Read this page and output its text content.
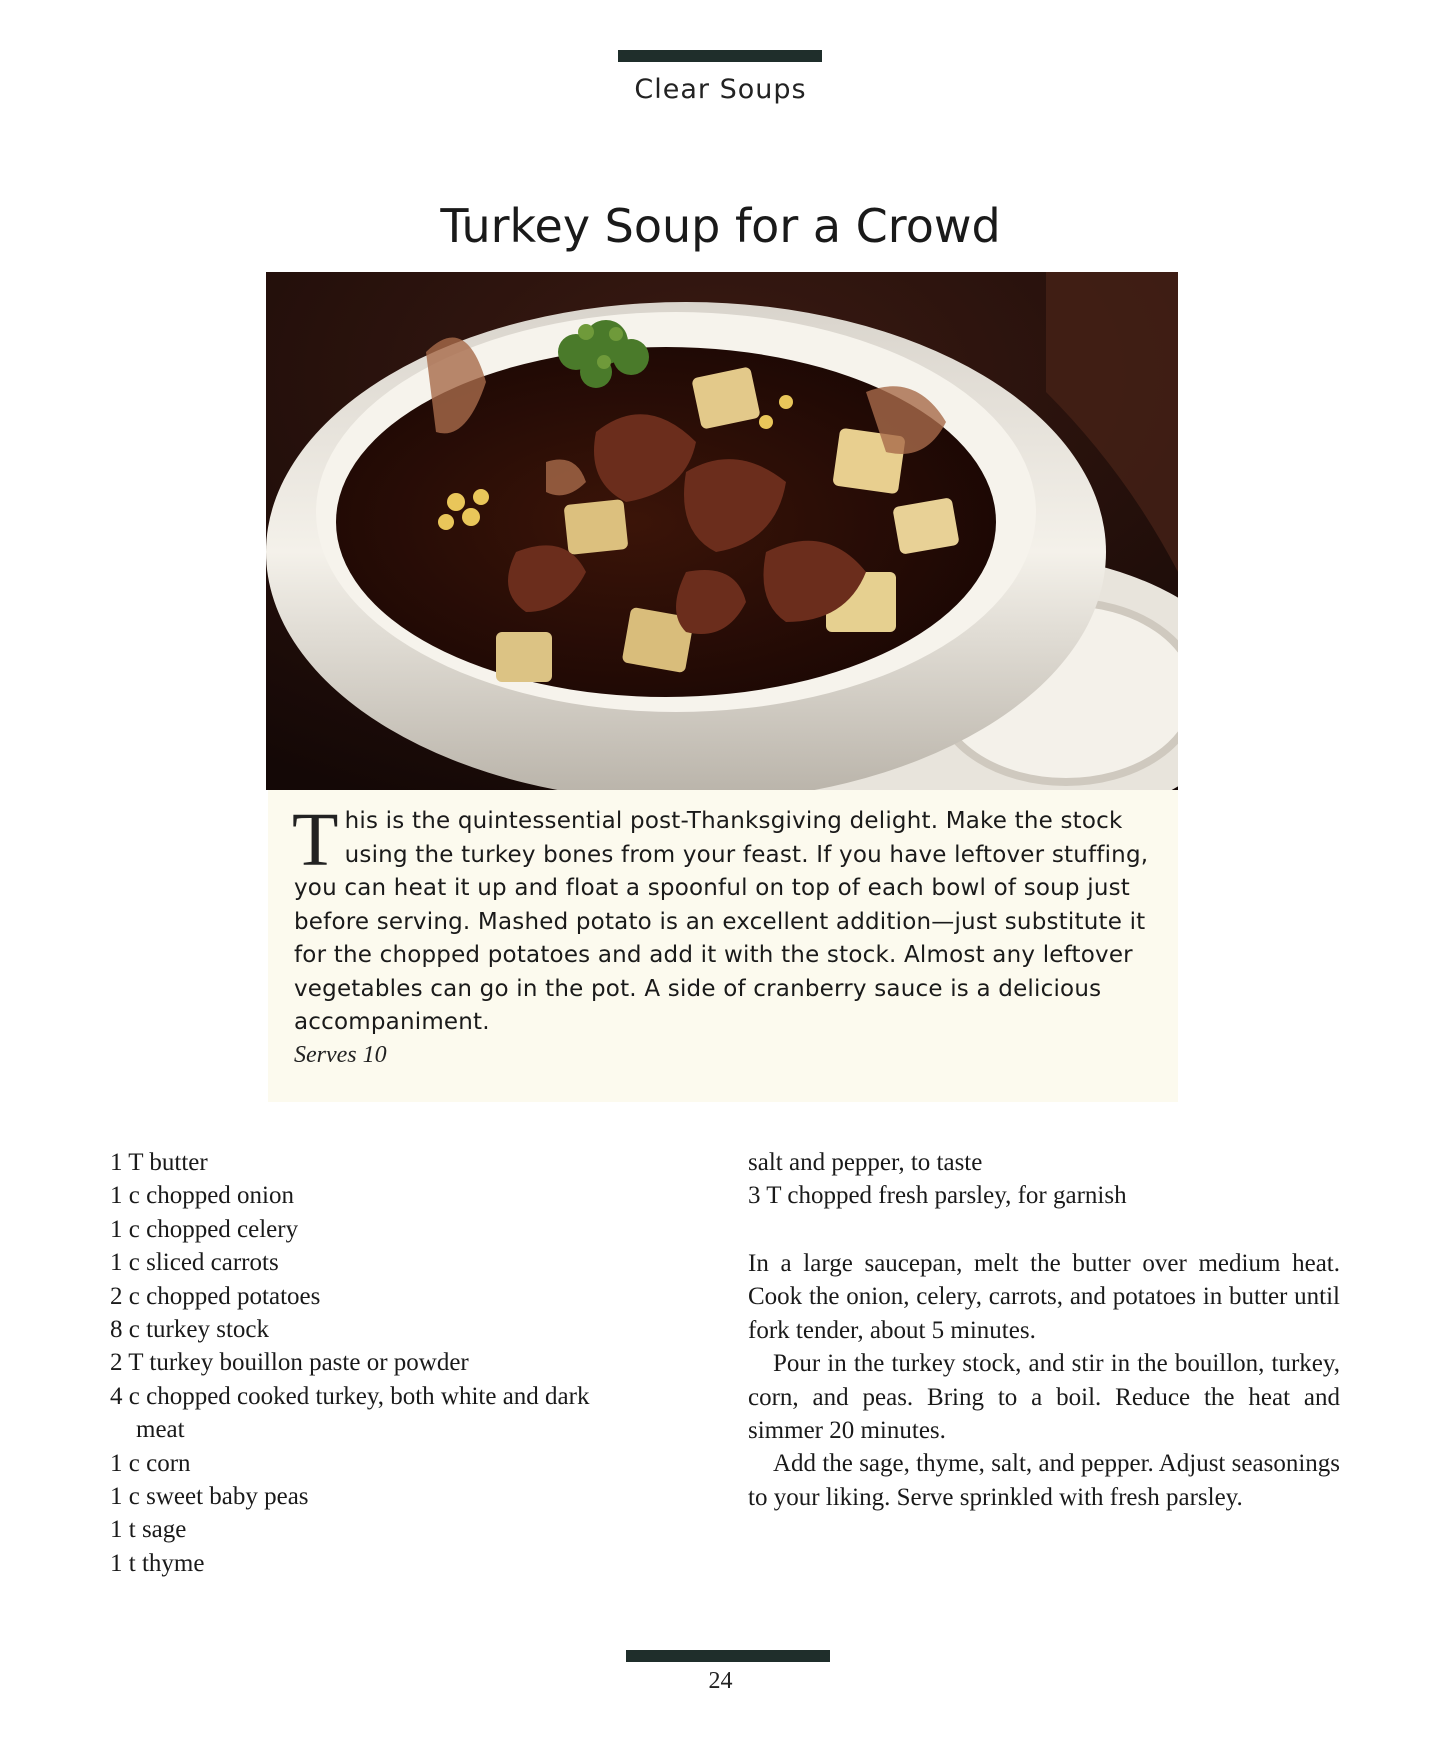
Clear Soups
Turkey Soup for a Crowd

This is the quintessential post-Thanksgiving delight. Make the stock using the turkey bones from your feast. If you have leftover stuffing, you can heat it up and float a spoonful on top of each bowl of soup just before serving. Mashed potato is an excellent addition—just substitute it for the chopped potatoes and add it with the stock. Almost any leftover vegetables can go in the pot. A side of cranberry sauce is a delicious accompaniment.

Serves 10
1 T butter
1 c chopped onion
1 c chopped celery
1 c sliced carrots
2 c chopped potatoes
8 c turkey stock
2 T turkey bouillon paste or powder
4 c chopped cooked turkey, both white and dark meat
1 c corn
1 c sweet baby peas
1 t sage
1 t thyme
salt and pepper, to taste
3 T chopped fresh parsley, for garnish

In a large saucepan, melt the butter over medium heat. Cook the onion, celery, carrots, and potatoes in butter until fork tender, about 5 minutes.

Pour in the turkey stock, and stir in the bouillon, turkey, corn, and peas. Bring to a boil. Reduce the heat and simmer 20 minutes.

Add the sage, thyme, salt, and pepper. Adjust seasonings to your liking. Serve sprinkled with fresh parsley.

24
